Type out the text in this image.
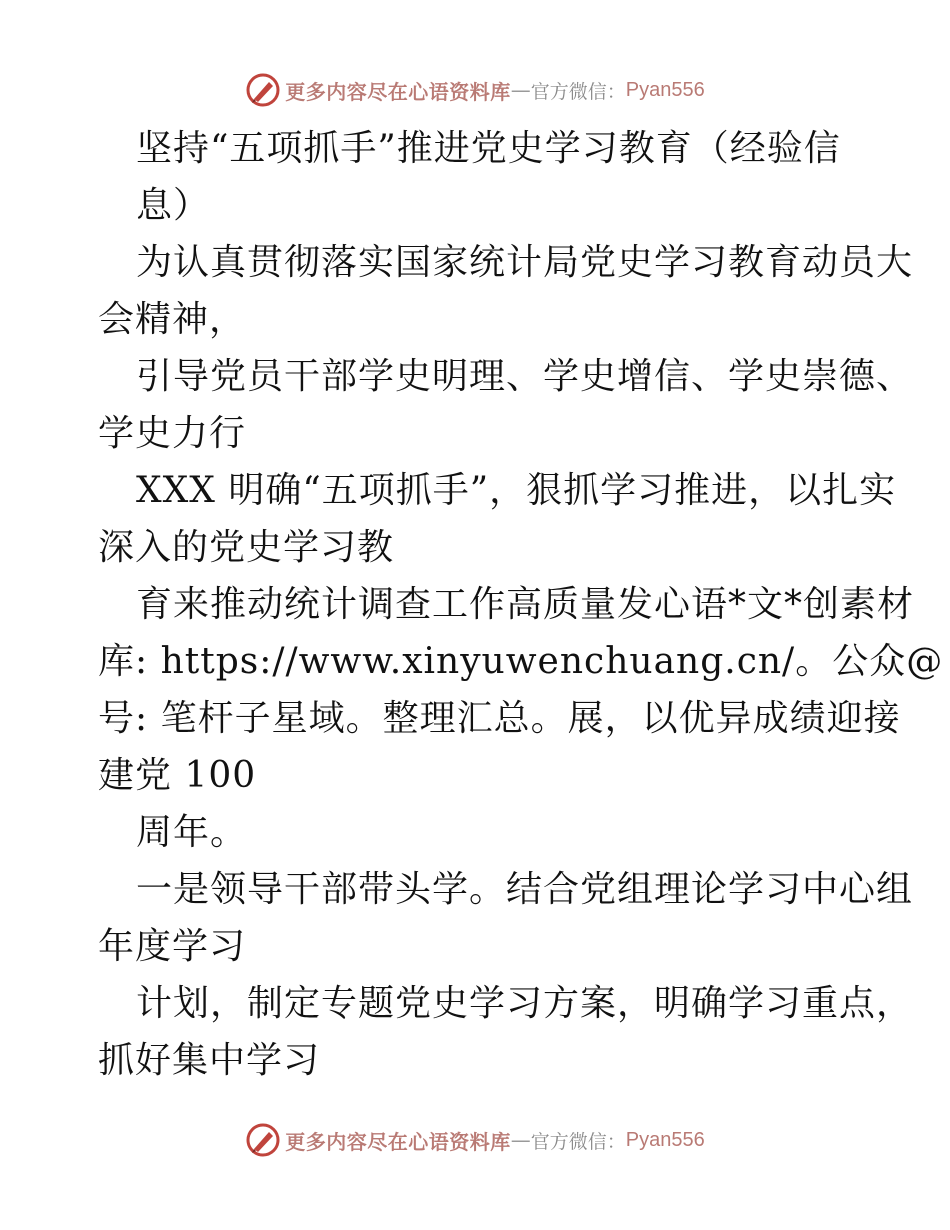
更多内容尽在心语资料库 — 官方微信： Pyan556
坚持“五项抓手”推进党史学习教育（经验信
息）
为认真贯彻落实国家统计局党史学习教育动员大
会精神，
引导党员干部学史明理、学史增信、学史崇德、
学史力行
XXX 明确“五项抓手”，狠抓学习推进，以扎实
深入的党史学习教
育来推动统计调查工作高质量发心语*文*创素材
库: https://www.xinyuwenchuang.cn/。公众@
号: 笔杆子星域。整理汇总。展，以优异成绩迎接
建党 100
周年。
一是领导干部带头学。结合党组理论学习中心组
年度学习
计划，制定专题党史学习方案，明确学习重点，
抓好集中学习
更多内容尽在心语资料库 — 官方微信： Pyan556
